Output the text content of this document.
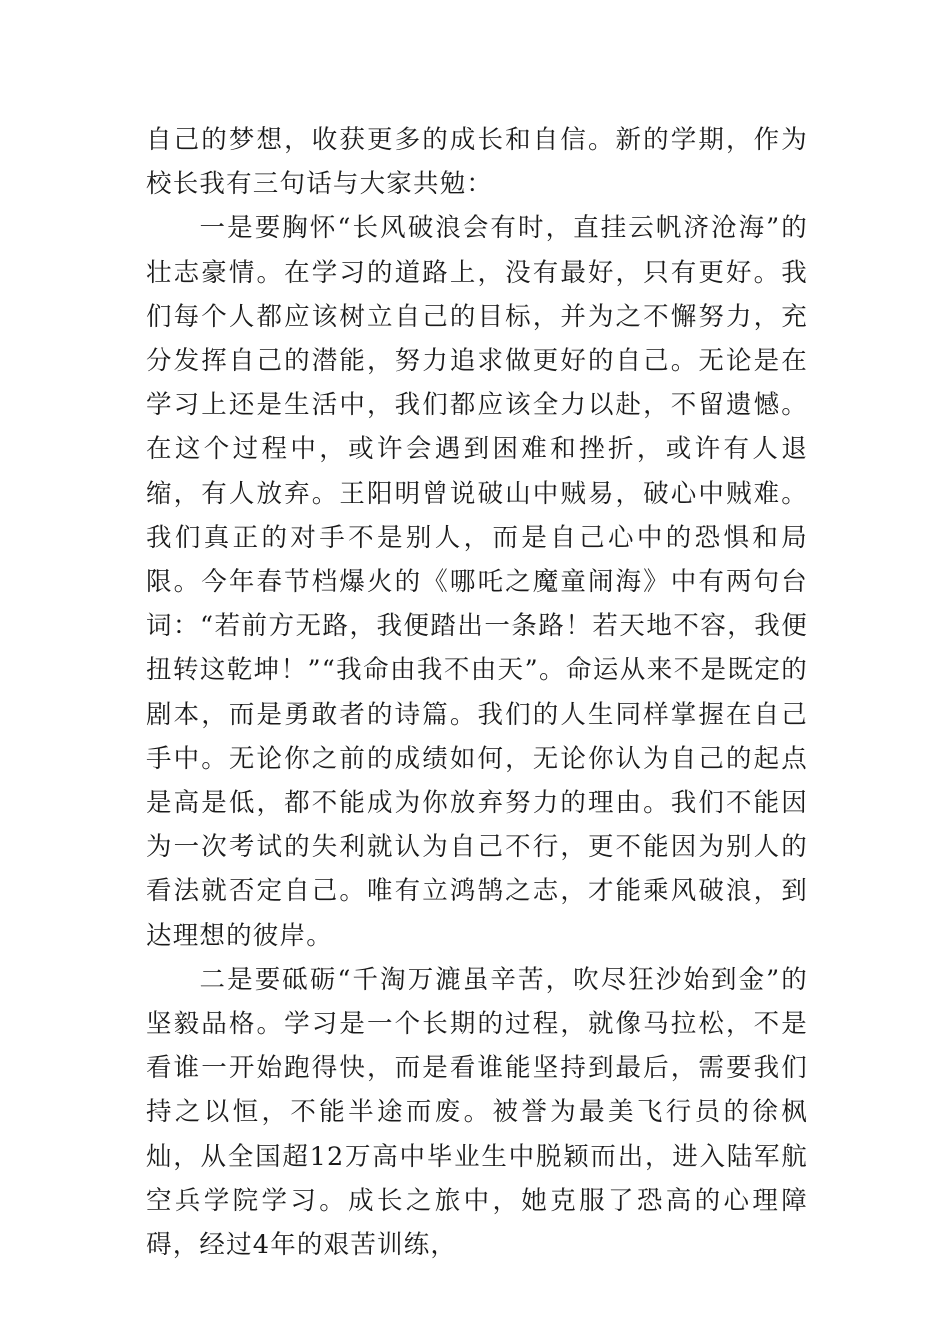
自己的梦想，收获更多的成长和自信。新的学期，作为校长我有三句话与大家共勉：

一是要胸怀“长风破浪会有时，直挂云帆济沧海”的壮志豪情。在学习的道路上，没有最好，只有更好。我们每个人都应该树立自己的目标，并为之不懈努力，充分发挥自己的潜能，努力追求做更好的自己。无论是在学习上还是生活中，我们都应该全力以赴，不留遗憾。在这个过程中，或许会遇到困难和挫折，或许有人退缩，有人放弃。王阳明曾说破山中贼易，破心中贼难。我们真正的对手不是别人，而是自己心中的恐惧和局限。今年春节档爆火的《哪吒之魔童闹海》中有两句台词：“若前方无路，我便踏出一条路！若天地不容，我便扭转这乾坤！”“我命由我不由天”。命运从来不是既定的剧本，而是勇敢者的诗篇。我们的人生同样掌握在自己手中。无论你之前的成绩如何，无论你认为自己的起点是高是低，都不能成为你放弃努力的理由。我们不能因为一次考试的失利就认为自己不行，更不能因为别人的看法就否定自己。唯有立鸿鹄之志，才能乘风破浪，到达理想的彼岸。

二是要砥砺“千淘万漉虽辛苦，吹尽狂沙始到金”的坚毅品格。学习是一个长期的过程，就像马拉松，不是看谁一开始跑得快，而是看谁能坚持到最后，需要我们持之以恒，不能半途而废。被誉为最美飞行员的徐枫灿，从全国超12万高中毕业生中脱颖而出，进入陆军航空兵学院学习。成长之旅中，她克服了恐高的心理障碍，经过4年的艰苦训练，
